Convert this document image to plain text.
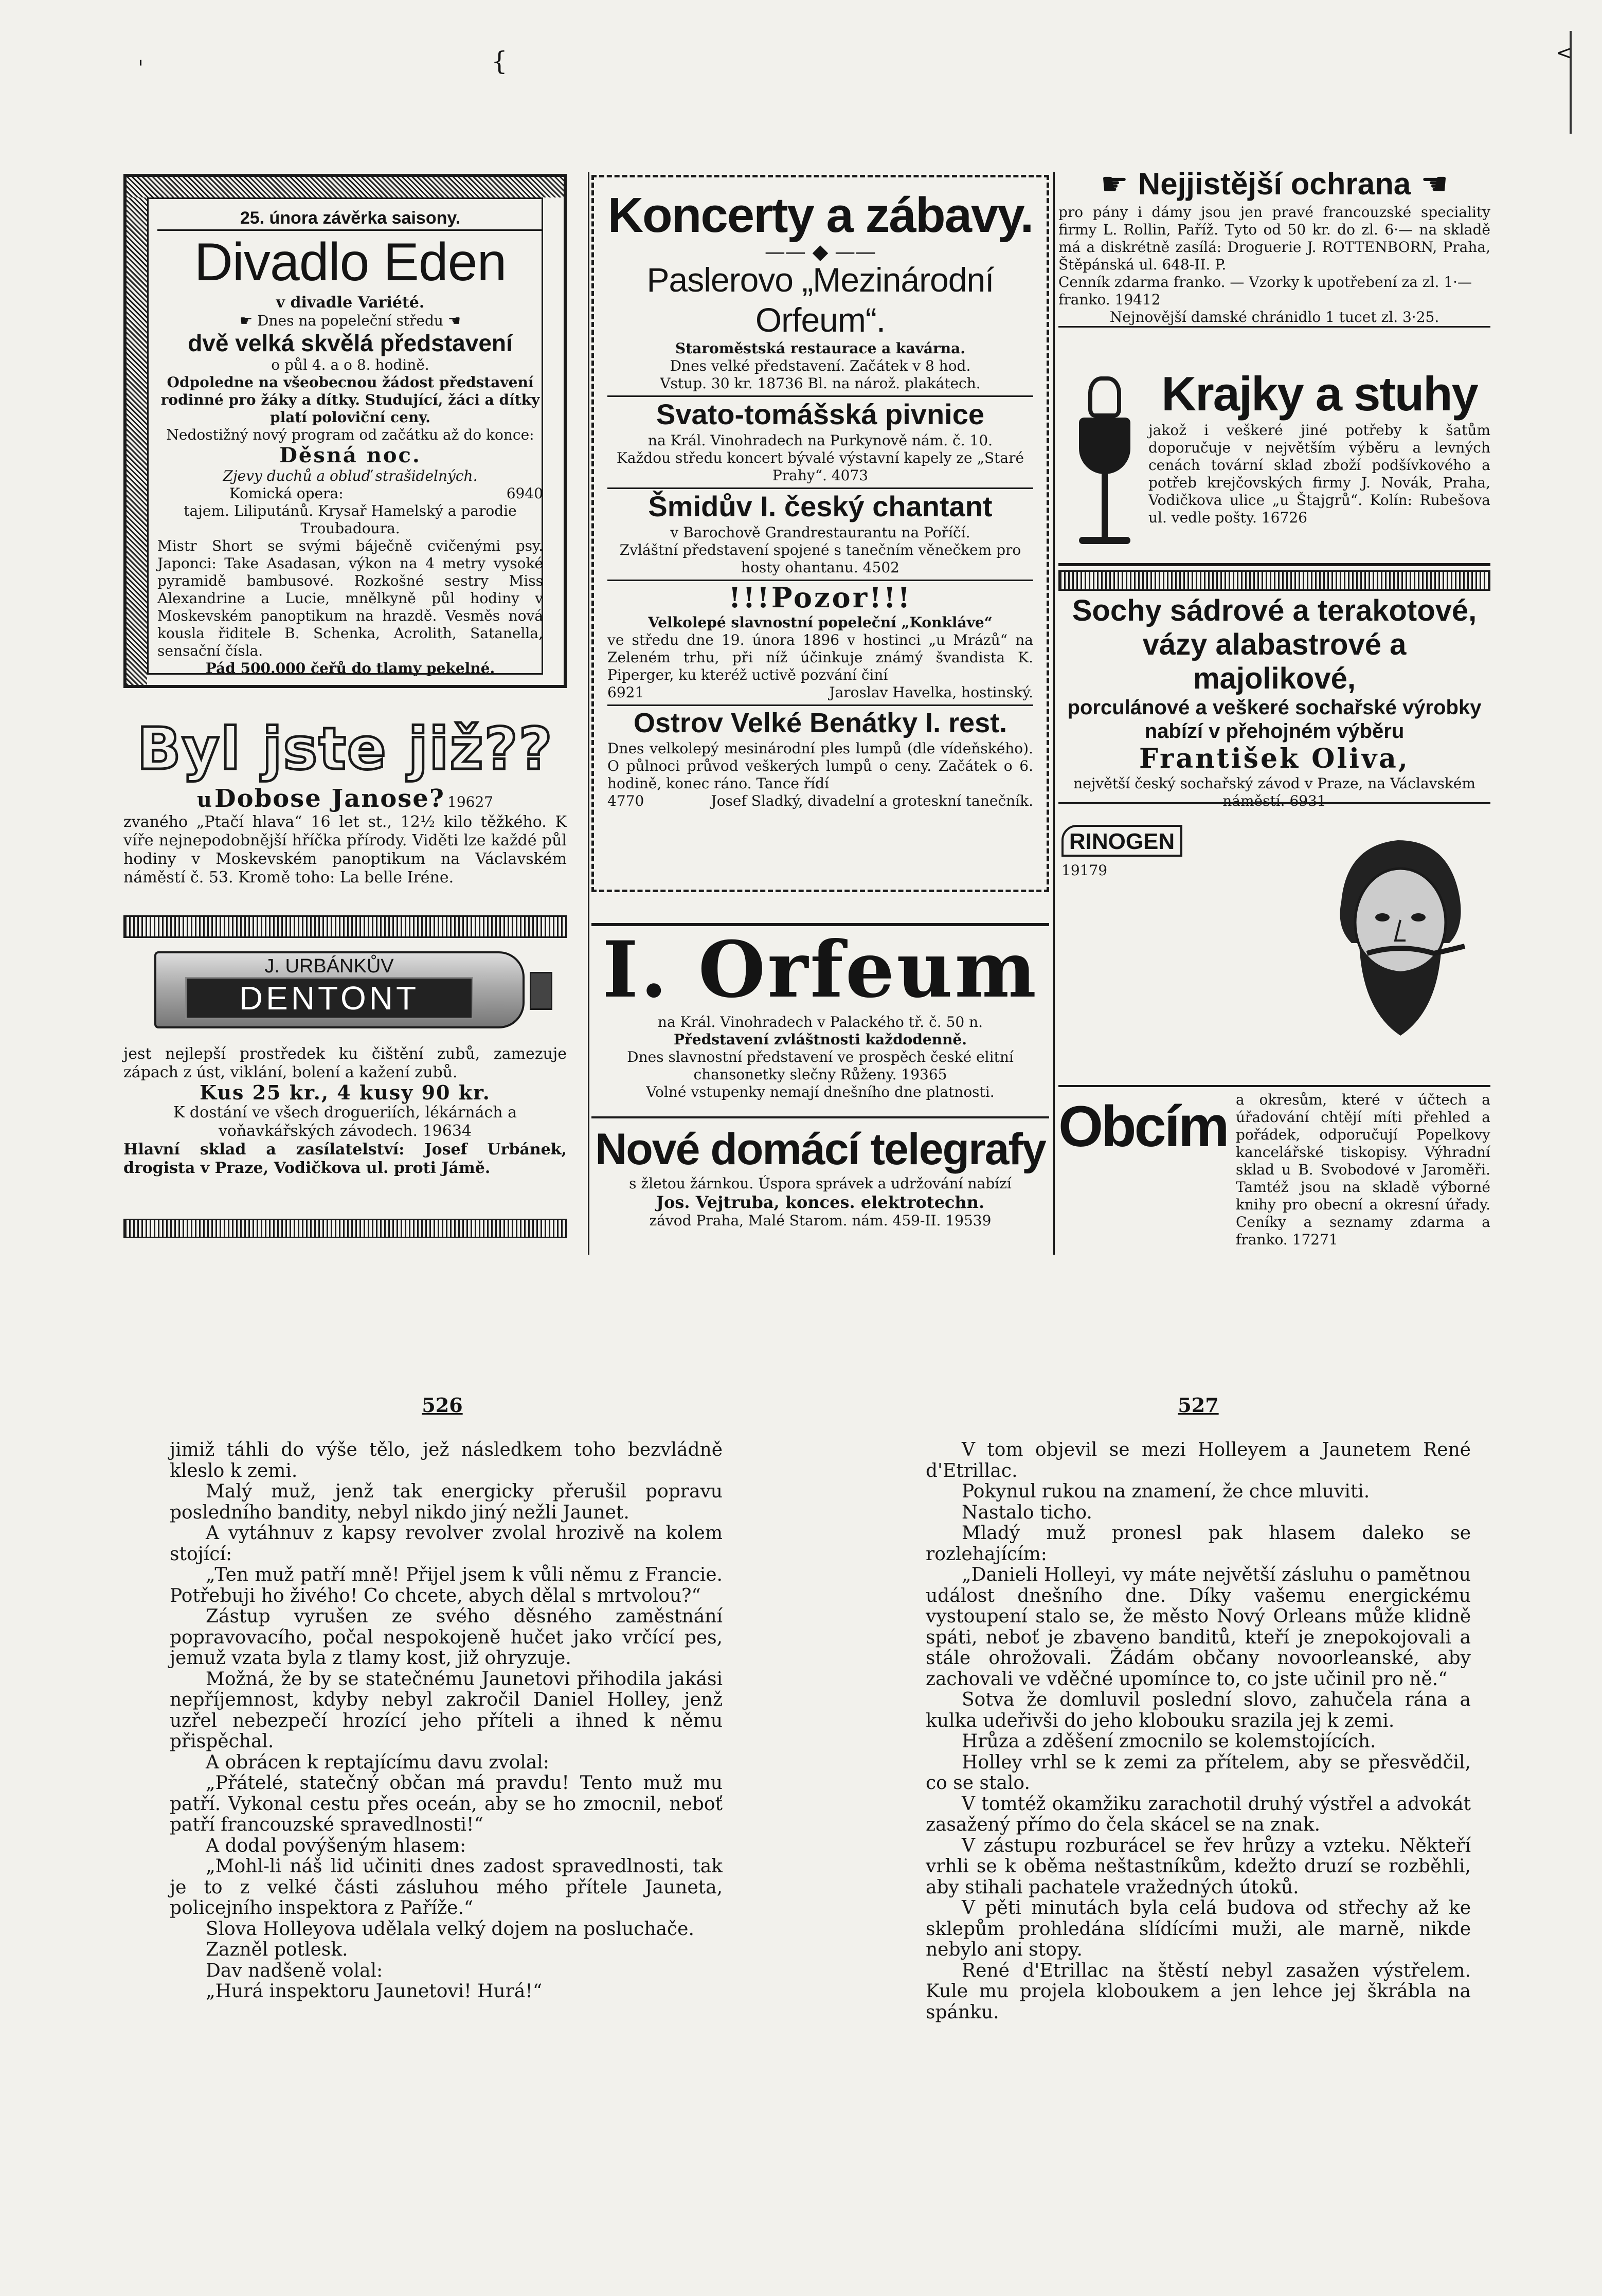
'	{	<
25. února závěrka saisony.
Divadlo Eden
v divadle Variété.
☛ Dnes na popeleční středu ☚
dvě velká skvělá představení
o půl 4. a o 8. hodině.
Odpoledne na všeobecnou žádost představení rodinné pro žáky a dítky. Studující, žáci a dítky platí poloviční ceny.
Nedostižný nový program od začátku až do konce:
Děsná noc.
Zjevy duchů a obluď strašidelných.
Komická opera:	6940
tajem. Liliputánů. Krysař Hamelský a parodie Troubadoura.
Mistr Short se svými báječně cvičenými psy. Japonci: Take Asadasan, výkon na 4 metry vysoké pyramidě bambusové. Rozkošné sestry Miss Alexandrine a Lucie, mnělkyně půl hodiny v Moskevském panoptikum na hrazdě. Vesměs nová kousla řiditele B. Schenka, Acrolith, Satanella, sensační čísla.
Pád 500.000 čeřů do tlamy pekelné.
Byl jste již??
u Dobose Janose? 19627
zvaného „Ptačí hlava“ 16 let st., 12½ kilo těžkého. K víře nejnepodobnější hříčka přírody. Viděti lze každé půl hodiny v Moskevském panoptikum na Václavském náměstí č. 53. Kromě toho: La belle Iréne.
J. URBÁNKŮV
DENTONT
jest nejlepší prostředek ku čištění zubů, zamezuje zápach z úst, viklání, bolení a kažení zubů.
Kus 25 kr., 4 kusy 90 kr.
K dostání ve všech drogueriích, lékárnách a voňavkářských závodech. 19634
Hlavní sklad a zasílatelství: Josef Urbánek, drogista v Praze, Vodičkova ul. proti Jámě.
Koncerty a zábavy.
—— ◆ ——
Paslerovo „Mezinárodní Orfeum“.
Staroměstská restaurace a kavárna.
Dnes velké představení. Začátek v 8 hod.
Vstup. 30 kr. 18736 Bl. na nárož. plakátech.
Svato-tomášská pivnice
na Král. Vinohradech na Purkynově nám. č. 10.
Každou středu koncert bývalé výstavní kapely ze „Staré Prahy“. 4073
Šmidův I. český chantant
v Barochově Grandrestaurantu na Poříčí.
Zvláštní představení spojené s tanečním věnečkem pro hosty ohantanu. 4502
!!!Pozor!!!
Velkolepé slavnostní popeleční „Konkláve“
ve středu dne 19. února 1896 v hostinci „u Mrázů“ na Zeleném trhu, při níž účinkuje známý švandista K. Piperger, ku kteréž uctivě pozvání činí
6921	Jaroslav Havelka, hostinský.
Ostrov Velké Benátky I. rest.
Dnes velkolepý mesinárodní ples lumpů (dle vídeňského). O půlnoci průvod veškerých lumpů o ceny. Začátek o 6. hodině, konec ráno. Tance řídí
4770	Josef Sladký, divadelní a groteskní tanečník.
I. Orfeum
na Král. Vinohradech v Palackého tř. č. 50 n.
Představení zvláštnosti každodenně.
Dnes slavnostní představení ve prospěch české elitní chansonetky slečny Růženy. 19365
Volné vstupenky nemají dnešního dne platnosti.
Nové domácí telegrafy
s žletou žárnkou. Úspora správek a udržování nabízí
Jos. Vejtruba, konces. elektrotechn.
závod Praha, Malé Starom. nám. 459-II. 19539
☛ Nejjistější ochrana ☚
pro pány i dámy jsou jen pravé francouzské speciality firmy L. Rollin, Paříž. Tyto od 50 kr. do zl. 6·— na skladě má a diskrétně zasílá: Droguerie J. ROTTENBORN, Praha, Štěpánská ul. 648-II. P.
Cenník zdarma franko. — Vzorky k upotřebení za zl. 1·— franko. 19412
Nejnovější damské chránidlo 1 tucet zl. 3·25.
Krajky a stuhy
jakož i veškeré jiné potřeby k šatům doporučuje v největším výběru a levných cenách tovární sklad zboží podšívkového a potřeb krejčovských firmy J. Novák, Praha, Vodičkova ulice „u Štajgrů“. Kolín: Rubešova ul. vedle pošty. 16726
Sochy sádrové a terakotové,
vázy alabastrové a majolikové,
porculánové a veškeré sochařské výrobky
nabízí v přehojném výběru
František Oliva,
největší český sochařský závod v Praze, na Václavském náměstí. 6931
RINOGEN
19179
Obcím a okresům, které v účtech a úřadování chtějí míti přehled a pořádek, odporučují Popelkovy kancelářské tiskopisy. Výhradní sklad u B. Svobodové v Jaroměři. Tamtéž jsou na skladě výborné knihy pro obecní a okresní úřady. Ceníky a seznamy zdarma a franko. 17271
526	527

jimiž táhli do výše tělo, jež následkem toho bezvládně kleslo k zemi.

Malý muž, jenž tak energicky přerušil popravu posledního bandity, nebyl nikdo jiný nežli Jaunet.

A vytáhnuv z kapsy revolver zvolal hrozivě na kolem stojící:

„Ten muž patří mně! Přijel jsem k vůli němu z Francie. Potřebuji ho živého! Co chcete, abych dělal s mrtvolou?“

Zástup vyrušen ze svého děsného zaměstnání popravovacího, počal nespokojeně hučet jako vrčící pes, jemuž vzata byla z tlamy kost, již ohryzuje.

Možná, že by se statečnému Jaunetovi přihodila jakási nepříjemnost, kdyby nebyl zakročil Daniel Holley, jenž uzřel nebezpečí hrozící jeho příteli a ihned k němu přispěchal.

A obrácen k reptajícímu davu zvolal:

„Přátelé, statečný občan má pravdu! Tento muž mu patří. Vykonal cestu přes oceán, aby se ho zmocnil, neboť patří francouzské spravedlnosti!“

A dodal povýšeným hlasem:

„Mohl-li náš lid učiniti dnes zadost spravedlnosti, tak je to z velké části zásluhou mého přítele Jauneta, policejního inspektora z Paříže.“

Slova Holleyova udělala velký dojem na posluchače.

Zazněl potlesk.

Dav nadšeně volal:

„Hurá inspektoru Jaunetovi! Hurá!“

V tom objevil se mezi Holleyem a Jaunetem René d'Etrillac.

Pokynul rukou na znamení, že chce mluviti.

Nastalo ticho.

Mladý muž pronesl pak hlasem daleko se rozlehajícím:

„Danieli Holleyi, vy máte největší zásluhu o pamětnou událost dnešního dne. Díky vašemu energickému vystoupení stalo se, že město Nový Orleans může klidně spáti, neboť je zbaveno banditů, kteří je znepokojovali a stále ohrožovali. Žádám občany novoorleanské, aby zachovali ve vděčné upomínce to, co jste učinil pro ně.“

Sotva že domluvil poslední slovo, zahučela rána a kulka udeřivši do jeho klobouku srazila jej k zemi.

Hrůza a zděšení zmocnilo se kolemstojících.

Holley vrhl se k zemi za přítelem, aby se přesvědčil, co se stalo.

V tomtéž okamžiku zarachotil druhý výstřel a advokát zasažený přímo do čela skácel se na znak.

V zástupu rozburácel se řev hrůzy a vzteku. Někteří vrhli se k oběma neštastníkům, kdežto druzí se rozběhli, aby stihali pachatele vražedných útoků.

V pěti minutách byla celá budova od střechy až ke sklepům prohledána slídícími muži, ale marně, nikde nebylo ani stopy.

René d'Etrillac na štěstí nebyl zasažen výstřelem. Kule mu projela kloboukem a jen lehce jej škrábla na spánku.
